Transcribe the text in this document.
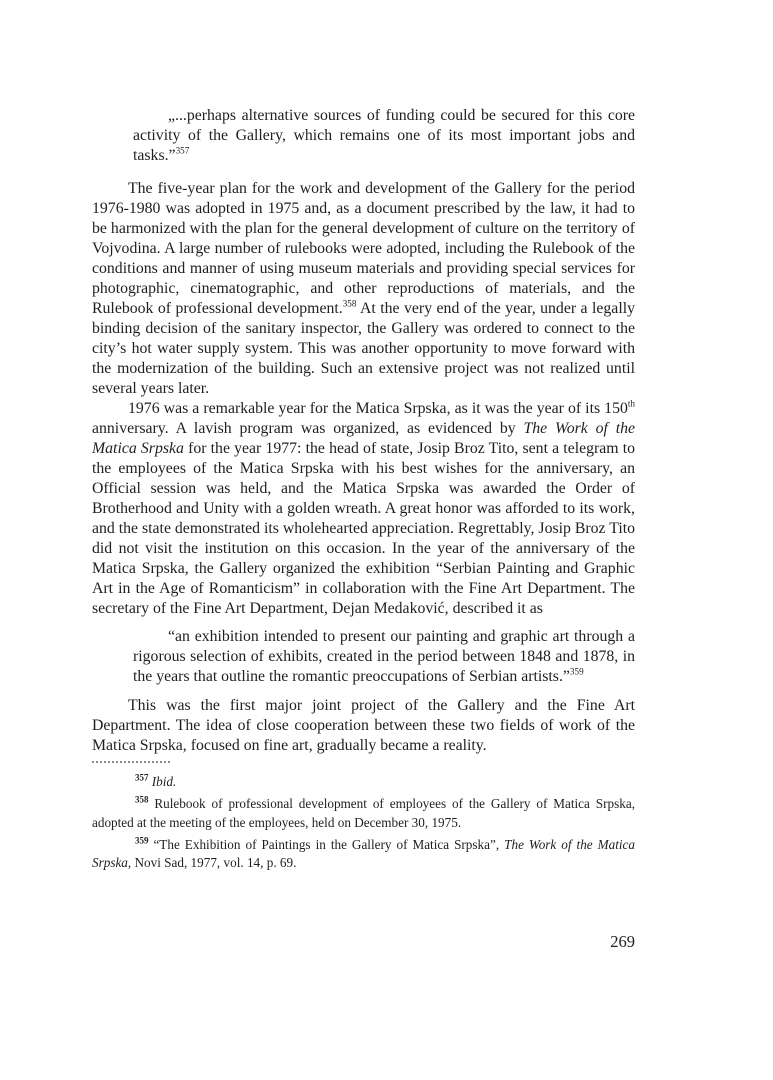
„...perhaps alternative sources of funding could be secured for this core activity of the Gallery, which remains one of its most important jobs and tasks.”$^{357}$

The five-year plan for the work and development of the Gallery for the period 1976-1980 was adopted in 1975 and, as a document prescribed by the law, it had to be harmonized with the plan for the general development of culture on the territory of Vojvodina. A large number of rulebooks were adopted, including the Rulebook of the conditions and manner of using museum materials and providing special services for photographic, cinematographic, and other reproductions of materials, and the Rulebook of professional development.$^{358}$ At the very end of the year, under a legally binding decision of the sanitary inspector, the Gallery was ordered to connect to the city’s hot water supply system. This was another opportunity to move forward with the modernization of the building. Such an extensive project was not realized until several years later.

1976 was a remarkable year for the Matica Srpska, as it was the year of its 150th anniversary. A lavish program was organized, as evidenced by The Work of the Matica Srpska for the year 1977: the head of state, Josip Broz Tito, sent a telegram to the employees of the Matica Srpska with his best wishes for the anniversary, an Official session was held, and the Matica Srpska was awarded the Order of Brotherhood and Unity with a golden wreath. A great honor was afforded to its work, and the state demonstrated its wholehearted appreciation. Regrettably, Josip Broz Tito did not visit the institution on this occasion. In the year of the anniversary of the Matica Srpska, the Gallery organized the exhibition “Serbian Painting and Graphic Art in the Age of Romanticism” in collaboration with the Fine Art Department. The secretary of the Fine Art Department, Dejan Medaković, described it as

“an exhibition intended to present our painting and graphic art through a rigorous selection of exhibits, created in the period between 1848 and 1878, in the years that outline the romantic preoccupations of Serbian artists.”$^{359}$

This was the first major joint project of the Gallery and the Fine Art Department. The idea of close cooperation between these two fields of work of the Matica Srpska, focused on fine art, gradually became a reality.

$^{357}$ Ibid.

$^{358}$ Rulebook of professional development of employees of the Gallery of Matica Srpska, adopted at the meeting of the employees, held on December 30, 1975.

$^{359}$ “The Exhibition of Paintings in the Gallery of Matica Srpska”, The Work of the Matica Srpska, Novi Sad, 1977, vol. 14, p. 69.

269
